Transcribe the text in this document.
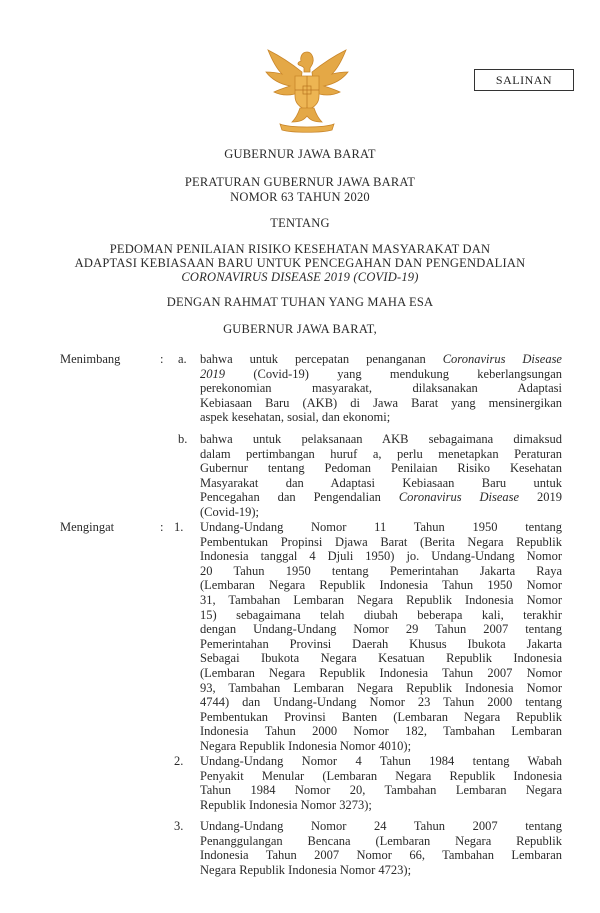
SALINAN
GUBERNUR JAWA BARAT
PERATURAN GUBERNUR JAWA BARAT
NOMOR 63 TAHUN 2020
TENTANG
PEDOMAN PENILAIAN RISIKO KESEHATAN MASYARAKAT DAN
ADAPTASI KEBIASAAN BARU UNTUK PENCEGAHAN DAN PENGENDALIAN
CORONAVIRUS DISEASE 2019 (COVID-19)
DENGAN RAHMAT TUHAN YANG MAHA ESA
GUBERNUR JAWA BARAT,
Menimbang	: a. bahwa untuk percepatan penanganan Coronavirus Disease
2019 (Covid-19) yang mendukung keberlangsungan
perekonomian masyarakat, dilaksanakan Adaptasi
Kebiasaan Baru (AKB) di Jawa Barat yang mensinergikan
aspek kesehatan, sosial, dan ekonomi;
b. bahwa untuk pelaksanaan AKB sebagaimana dimaksud
dalam pertimbangan huruf a, perlu menetapkan Peraturan
Gubernur tentang Pedoman Penilaian Risiko Kesehatan
Masyarakat dan Adaptasi Kebiasaan Baru untuk
Pencegahan dan Pengendalian Coronavirus Disease 2019
(Covid-19);
Mengingat	: 1. Undang-Undang Nomor 11 Tahun 1950 tentang
Pembentukan Propinsi Djawa Barat (Berita Negara Republik
Indonesia tanggal 4 Djuli 1950) jo. Undang-Undang Nomor
20 Tahun 1950 tentang Pemerintahan Jakarta Raya
(Lembaran Negara Republik Indonesia Tahun 1950 Nomor
31, Tambahan Lembaran Negara Republik Indonesia Nomor
15) sebagaimana telah diubah beberapa kali, terakhir
dengan Undang-Undang Nomor 29 Tahun 2007 tentang
Pemerintahan Provinsi Daerah Khusus Ibukota Jakarta
Sebagai Ibukota Negara Kesatuan Republik Indonesia
(Lembaran Negara Republik Indonesia Tahun 2007 Nomor
93, Tambahan Lembaran Negara Republik Indonesia Nomor
4744) dan Undang-Undang Nomor 23 Tahun 2000 tentang
Pembentukan Provinsi Banten (Lembaran Negara Republik
Indonesia Tahun 2000 Nomor 182, Tambahan Lembaran
Negara Republik Indonesia Nomor 4010);
2. Undang-Undang Nomor 4 Tahun 1984 tentang Wabah
Penyakit Menular (Lembaran Negara Republik Indonesia
Tahun 1984 Nomor 20, Tambahan Lembaran Negara
Republik Indonesia Nomor 3273);
3. Undang-Undang Nomor 24 Tahun 2007 tentang
Penanggulangan Bencana (Lembaran Negara Republik
Indonesia Tahun 2007 Nomor 66, Tambahan Lembaran
Negara Republik Indonesia Nomor 4723);
